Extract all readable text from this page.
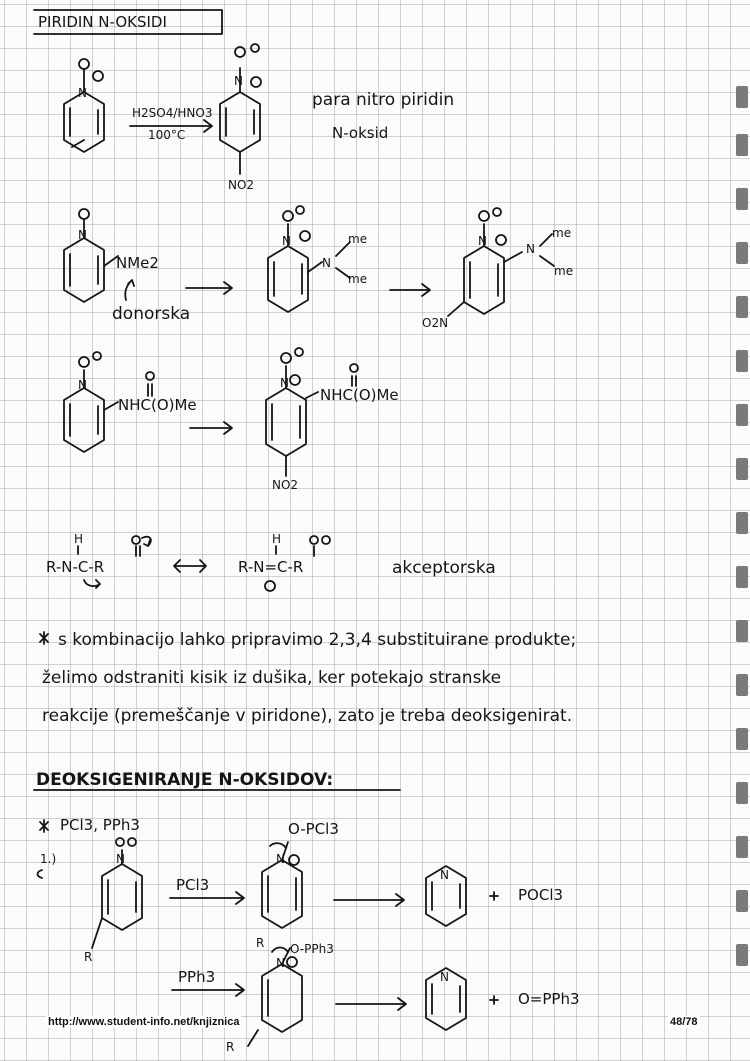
PIRIDIN N-OKSIDI
N
H2SO4/HNO3
100°C
N
NO2
para nitro piridin
N-oksid
N
NMe2
donorska
N
N
me
me
N
N
me
me
O2N
N
NHC(O)Me
N
NHC(O)Me
NO2
H
R-N-C-R
H
R-N=C-R	akceptorska
s kombinacijo lahko pripravimo 2,3,4 substituirane produkte;
želimo odstraniti kisik iz dušika, ker potekajo stranske
reakcije (premeščanje v piridone), zato je treba deoksigenirat.
DEOKSIGENIRANJE N-OKSIDOV:
PCl3, PPh3
1.)	N
R
PCl3
N
O-PCl3
N
POCl3
R
PPh3
N
O-PPh3
N
O=PPh3
R
http://www.student-info.net/knjiznica	48/78
